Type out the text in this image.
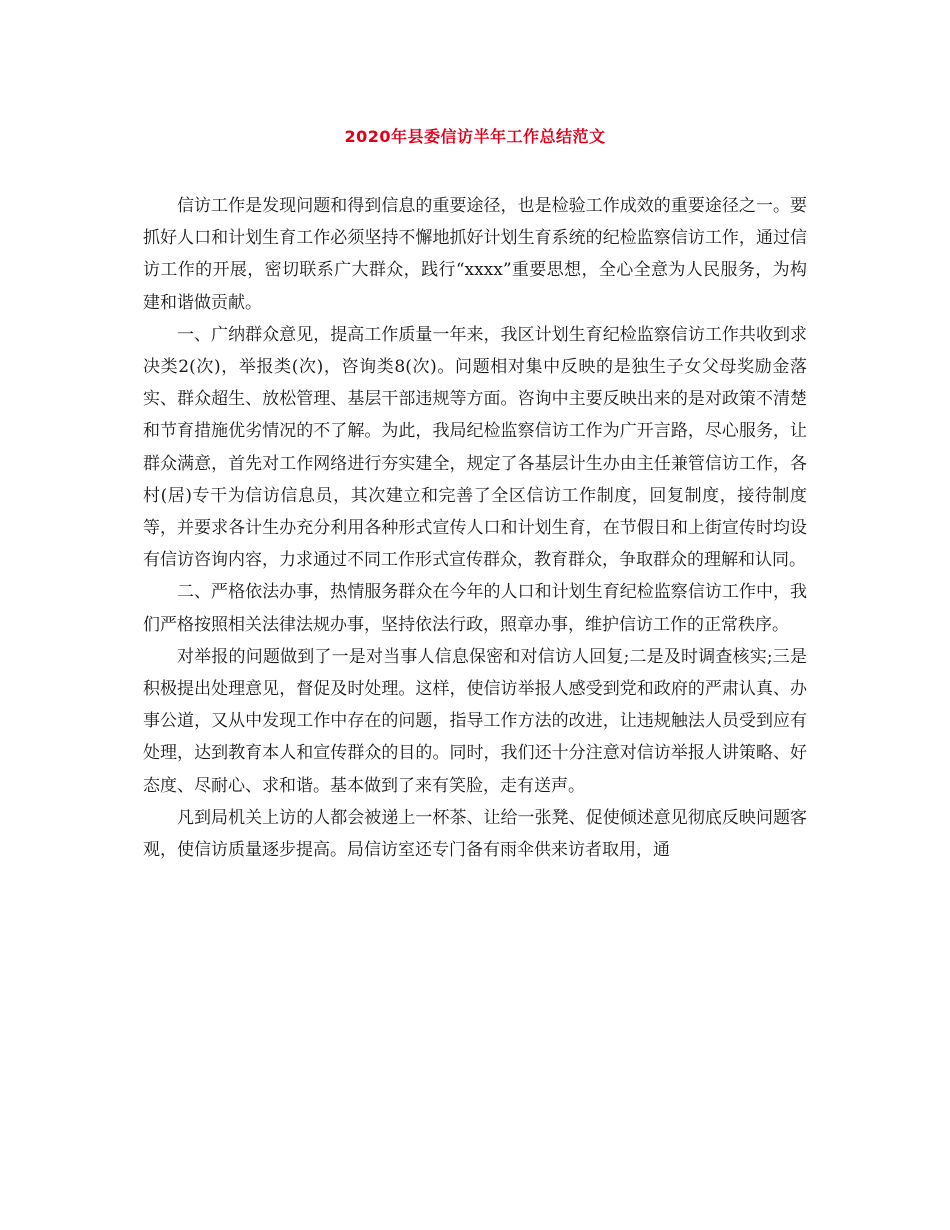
2020年县委信访半年工作总结范文

信访工作是发现问题和得到信息的重要途径，也是检验工作成效的重要途径之一。要抓好人口和计划生育工作必须坚持不懈地抓好计划生育系统的纪检监察信访工作，通过信访工作的开展，密切联系广大群众，践行“xxxx”重要思想，全心全意为人民服务，为构建和谐做贡献。

一、广纳群众意见，提高工作质量一年来，我区计划生育纪检监察信访工作共收到求决类2(次)，举报类(次)，咨询类8(次)。问题相对集中反映的是独生子女父母奖励金落实、群众超生、放松管理、基层干部违规等方面。咨询中主要反映出来的是对政策不清楚和节育措施优劣情况的不了解。为此，我局纪检监察信访工作为广开言路，尽心服务，让群众满意，首先对工作网络进行夯实建全，规定了各基层计生办由主任兼管信访工作，各村(居)专干为信访信息员，其次建立和完善了全区信访工作制度，回复制度，接待制度等，并要求各计生办充分利用各种形式宣传人口和计划生育，在节假日和上街宣传时均设有信访咨询内容，力求通过不同工作形式宣传群众，教育群众，争取群众的理解和认同。

二、严格依法办事，热情服务群众在今年的人口和计划生育纪检监察信访工作中，我们严格按照相关法律法规办事，坚持依法行政，照章办事，维护信访工作的正常秩序。

对举报的问题做到了一是对当事人信息保密和对信访人回复;二是及时调查核实;三是积极提出处理意见，督促及时处理。这样，使信访举报人感受到党和政府的严肃认真、办事公道，又从中发现工作中存在的问题，指导工作方法的改进，让违规触法人员受到应有处理，达到教育本人和宣传群众的目的。同时，我们还十分注意对信访举报人讲策略、好态度、尽耐心、求和谐。基本做到了来有笑脸，走有送声。

凡到局机关上访的人都会被递上一杯茶、让给一张凳、促使倾述意见彻底反映问题客观，使信访质量逐步提高。局信访室还专门备有雨伞供来访者取用，通
